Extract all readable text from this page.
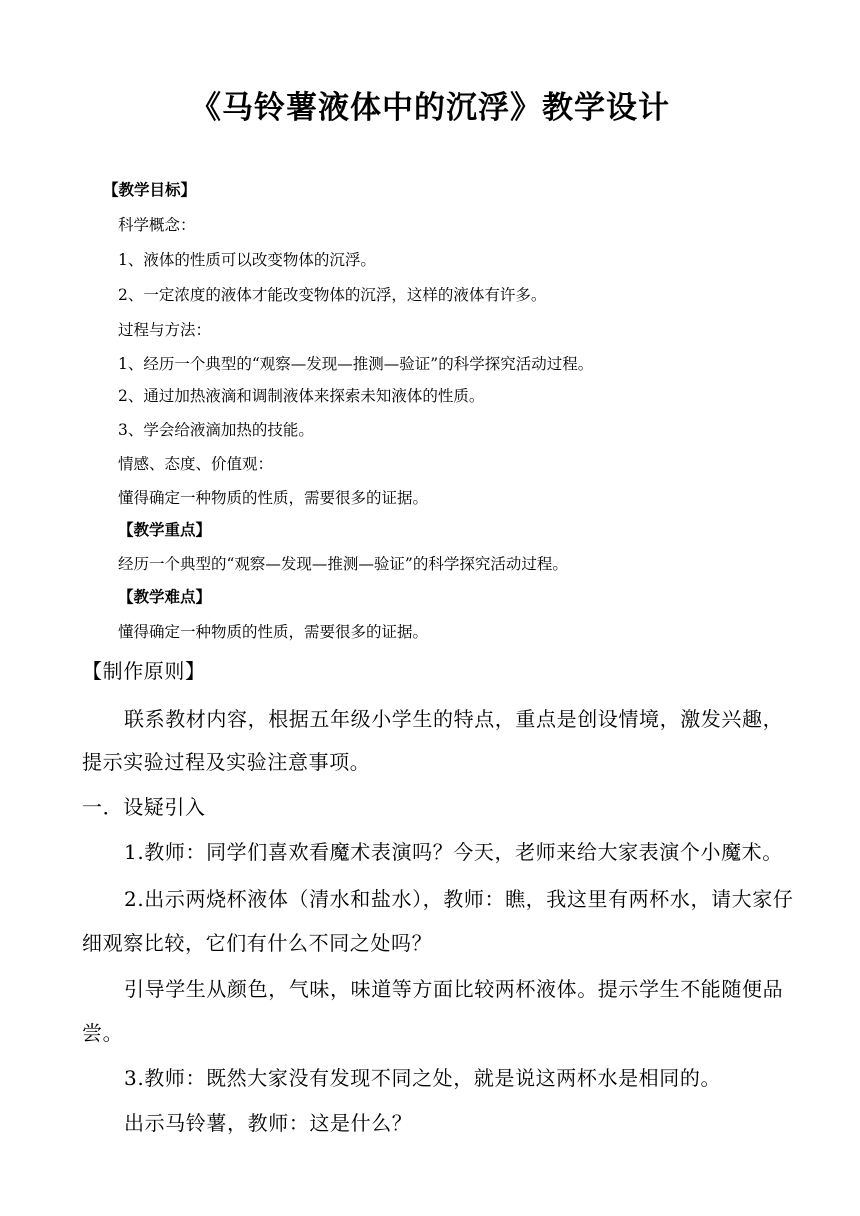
《马铃薯液体中的沉浮》教学设计
【教学目标】
科学概念：
1、液体的性质可以改变物体的沉浮。
2、一定浓度的液体才能改变物体的沉浮，这样的液体有许多。
过程与方法：
1、经历一个典型的“观察—发现—推测—验证”的科学探究活动过程。
2、通过加热液滴和调制液体来探索未知液体的性质。
3、学会给液滴加热的技能。
情感、态度、价值观：
懂得确定一种物质的性质，需要很多的证据。
【教学重点】
经历一个典型的“观察—发现—推测—验证”的科学探究活动过程。
【教学难点】
懂得确定一种物质的性质，需要很多的证据。
【制作原则】
联系教材内容，根据五年级小学生的特点，重点是创设情境，激发兴趣，
提示实验过程及实验注意事项。
一．设疑引入
1.教师：同学们喜欢看魔术表演吗？今天，老师来给大家表演个小魔术。
2.出示两烧杯液体（清水和盐水），教师：瞧，我这里有两杯水，请大家仔
细观察比较，它们有什么不同之处吗？
引导学生从颜色，气味，味道等方面比较两杯液体。提示学生不能随便品
尝。
3.教师：既然大家没有发现不同之处，就是说这两杯水是相同的。
出示马铃薯，教师：这是什么？
